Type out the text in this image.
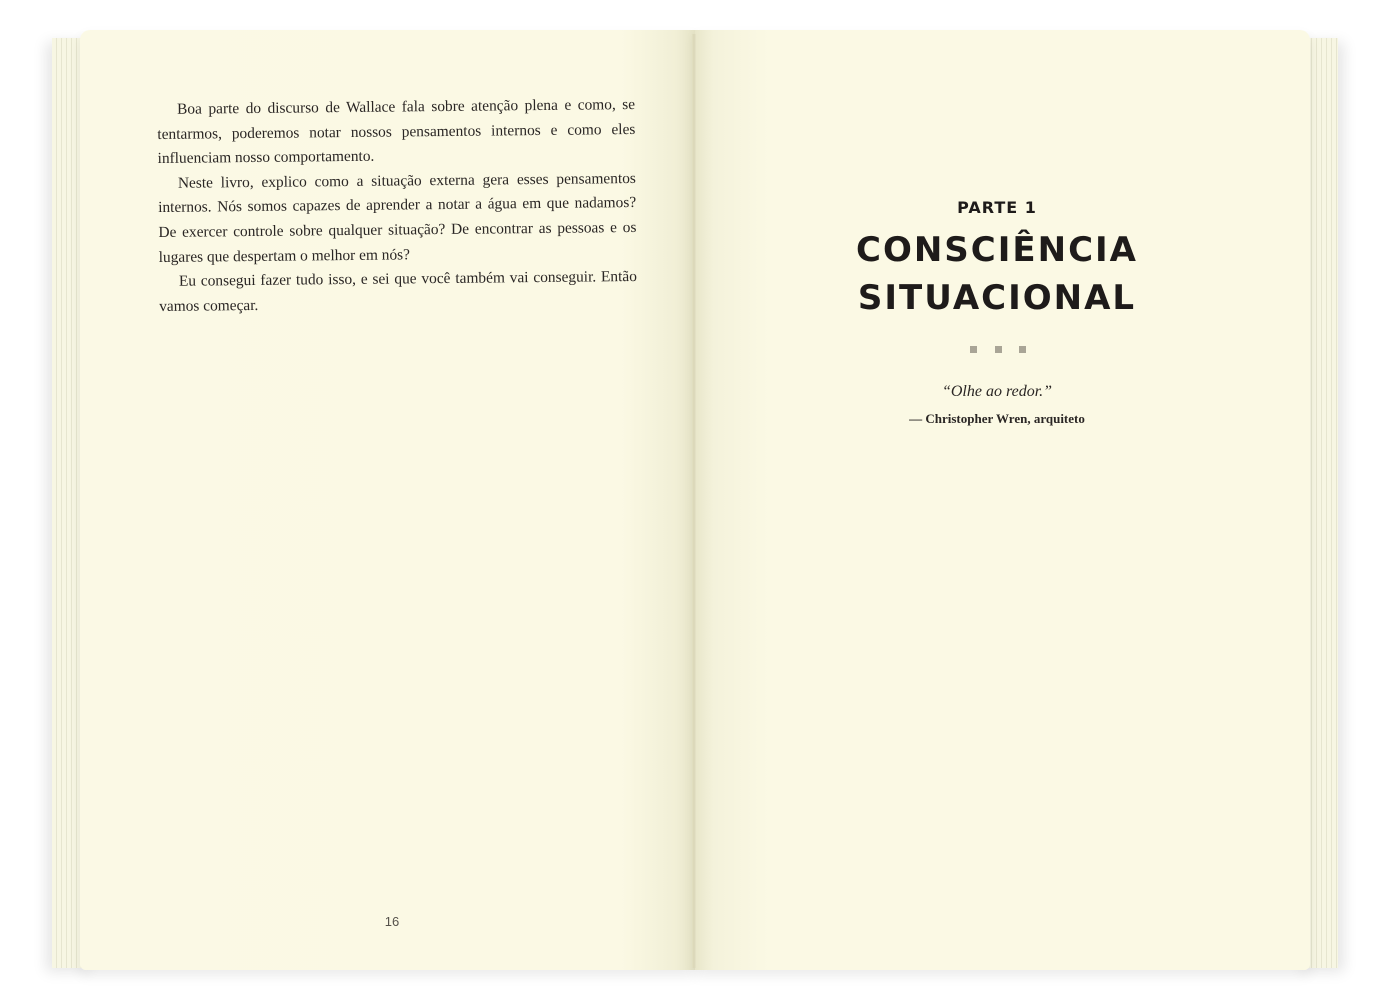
Boa parte do discurso de Wallace fala sobre atenção plena e como, se tentarmos, poderemos notar nossos pensamentos internos e como eles influenciam nosso comportamento.

Neste livro, explico como a situação externa gera esses pensamentos internos. Nós somos capazes de aprender a notar a água em que nadamos? De exercer controle sobre qualquer situação? De encontrar as pessoas e os lugares que despertam o melhor em nós?

Eu consegui fazer tudo isso, e sei que você também vai conseguir. Então vamos começar.

16
PARTE 1
CONSCIÊNCIA
SITUACIONAL
“Olhe ao redor.”
— Christopher Wren, arquiteto
